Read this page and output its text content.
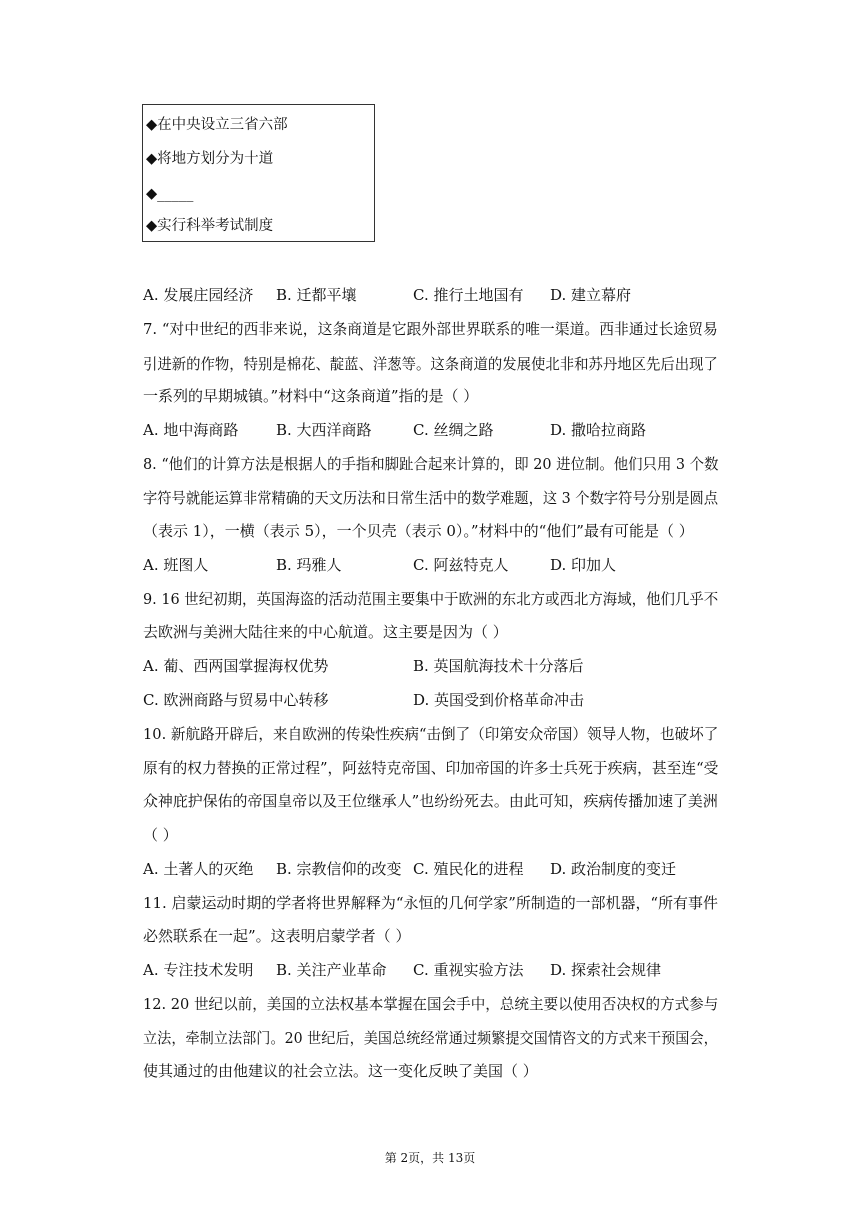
◆在中央设立三省六部
◆将地方划分为十道
◆_____
◆实行科举考试制度
A. 发展庄园经济 B. 迁都平壤	C. 推行土地国有 D. 建立幕府
7. “对中世纪的西非来说，这条商道是它跟外部世界联系的唯一渠道。西非通过长途贸易
引进新的作物，特别是棉花、靛蓝、洋葱等。这条商道的发展使北非和苏丹地区先后出现了
一系列的早期城镇。”材料中“这条商道”指的是（ ）
A. 地中海商路	B. 大西洋商路	C. 丝绸之路	D. 撒哈拉商路
8. “他们的计算方法是根据人的手指和脚趾合起来计算的，即 20 进位制。他们只用 3 个数
字符号就能运算非常精确的天文历法和日常生活中的数学难题，这 3 个数字符号分别是圆点
（表示 1），一横（表示 5），一个贝壳（表示 0）。”材料中的“他们”最有可能是（ ）
A. 班图人	B. 玛雅人	C. 阿兹特克人	D. 印加人
9. 16 世纪初期，英国海盗的活动范围主要集中于欧洲的东北方或西北方海域，他们几乎不
去欧洲与美洲大陆往来的中心航道。这主要是因为（ ）
A. 葡、西两国掌握海权优势	B. 英国航海技术十分落后
C. 欧洲商路与贸易中心转移	D. 英国受到价格革命冲击
10. 新航路开辟后，来自欧洲的传染性疾病“击倒了（印第安众帝国）领导人物，也破坏了
原有的权力替换的正常过程”，阿兹特克帝国、印加帝国的许多士兵死于疾病，甚至连“受
众神庇护保佑的帝国皇帝以及王位继承人”也纷纷死去。由此可知，疾病传播加速了美洲
（ ）
A. 土著人的灭绝 B. 宗教信仰的改变 C. 殖民化的进程 D. 政治制度的变迁
11. 启蒙运动时期的学者将世界解释为“永恒的几何学家”所制造的一部机器，“所有事件
必然联系在一起”。这表明启蒙学者（ ）
A. 专注技术发明 B. 关注产业革命 C. 重视实验方法 D. 探索社会规律
12. 20 世纪以前，美国的立法权基本掌握在国会手中，总统主要以使用否决权的方式参与
立法，牵制立法部门。20 世纪后，美国总统经常通过频繁提交国情咨文的方式来干预国会，
使其通过的由他建议的社会立法。这一变化反映了美国（ ）
第 2页，共 13页
